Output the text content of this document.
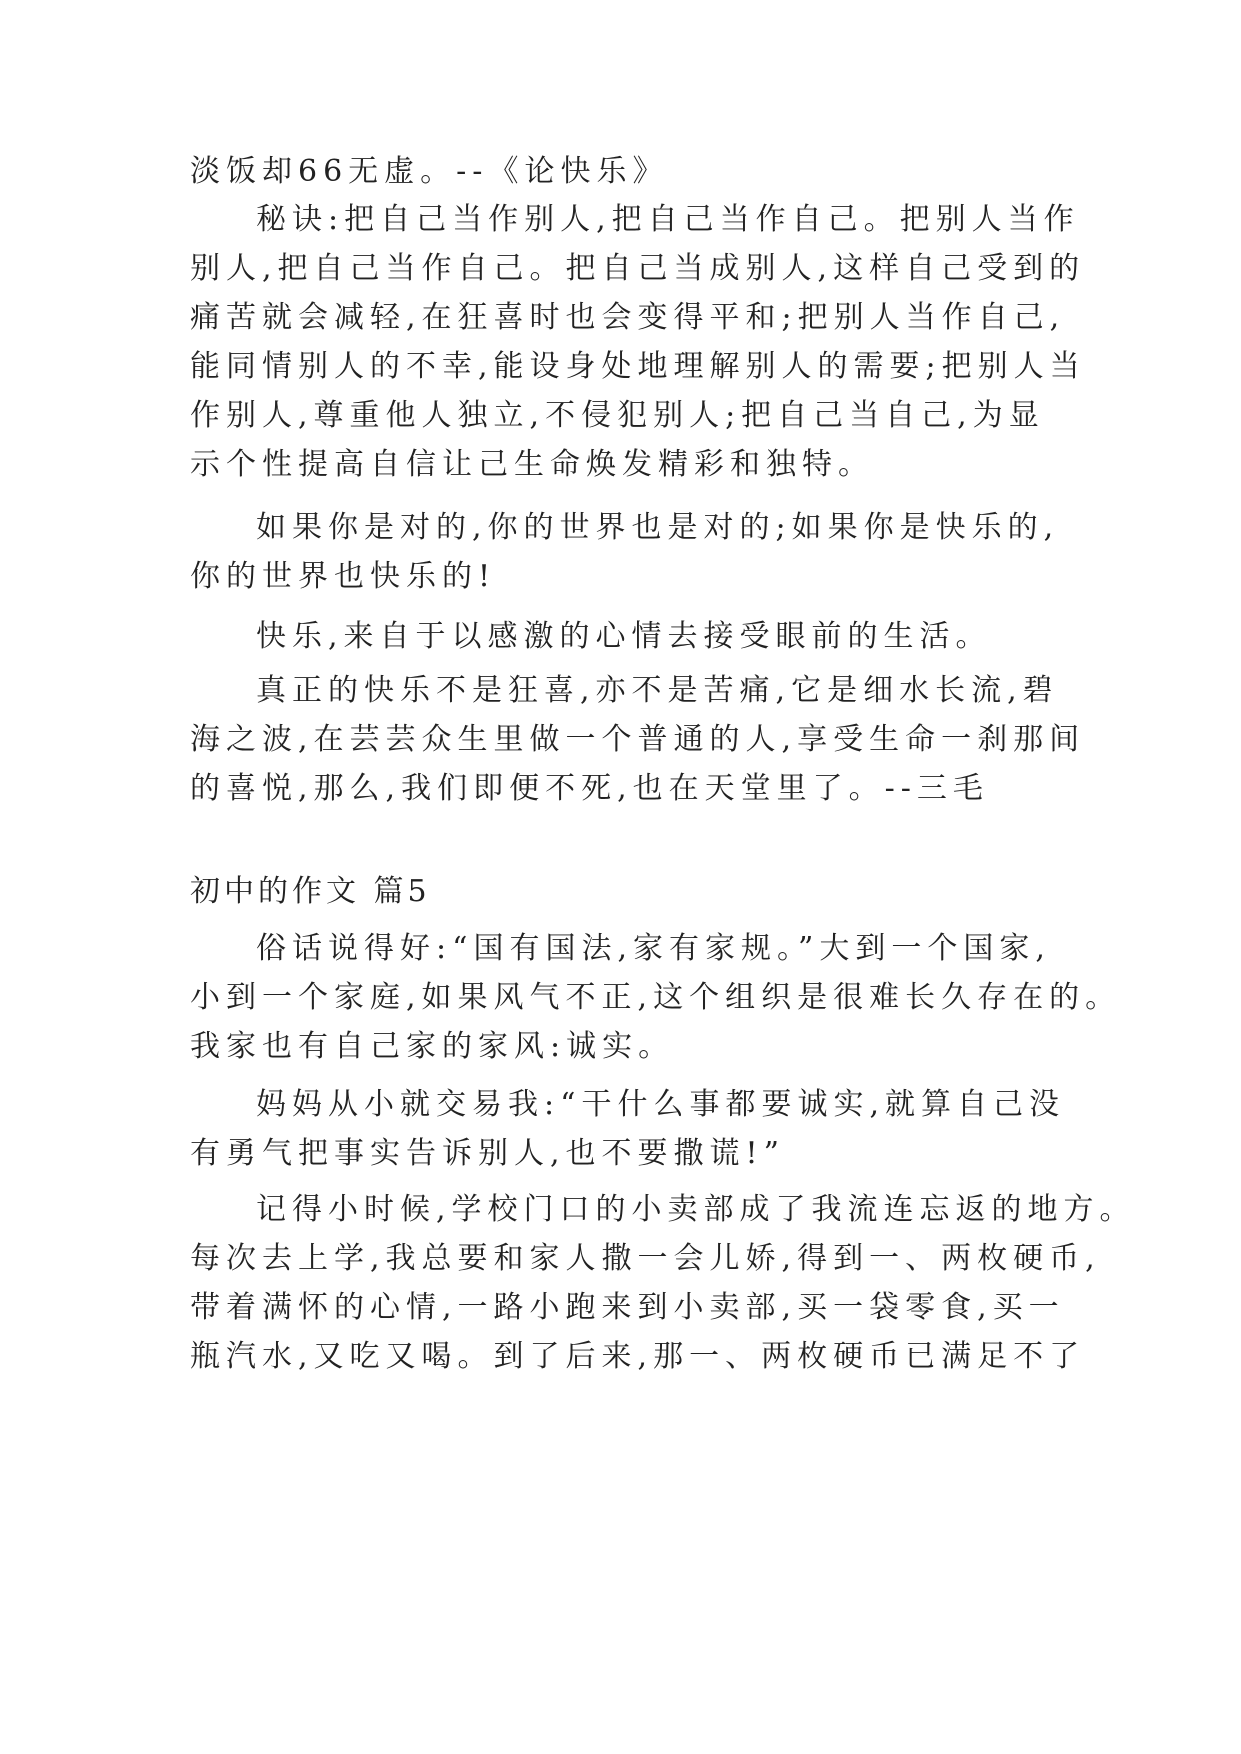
淡饭却66无虚。--《论快乐》
秘诀:把自己当作别人,把自己当作自己。把别人当作
别人,把自己当作自己。把自己当成别人,这样自己受到的
痛苦就会减轻,在狂喜时也会变得平和;把别人当作自己,
能同情别人的不幸,能设身处地理解别人的需要;把别人当
作别人,尊重他人独立,不侵犯别人;把自己当自己,为显
示个性提高自信让己生命焕发精彩和独特。
如果你是对的,你的世界也是对的;如果你是快乐的,
你的世界也快乐的!
快乐,来自于以感激的心情去接受眼前的生活。
真正的快乐不是狂喜,亦不是苦痛,它是细水长流,碧
海之波,在芸芸众生里做一个普通的人,享受生命一刹那间
的喜悦,那么,我们即便不死,也在天堂里了。--三毛
初中的作文 篇5
俗话说得好:“国有国法,家有家规。”大到一个国家,
小到一个家庭,如果风气不正,这个组织是很难长久存在的。
我家也有自己家的家风:诚实。
妈妈从小就交易我:“干什么事都要诚实,就算自己没
有勇气把事实告诉别人,也不要撒谎!”
记得小时候,学校门口的小卖部成了我流连忘返的地方。
每次去上学,我总要和家人撒一会儿娇,得到一、两枚硬币,
带着满怀的心情,一路小跑来到小卖部,买一袋零食,买一
瓶汽水,又吃又喝。到了后来,那一、两枚硬币已满足不了
